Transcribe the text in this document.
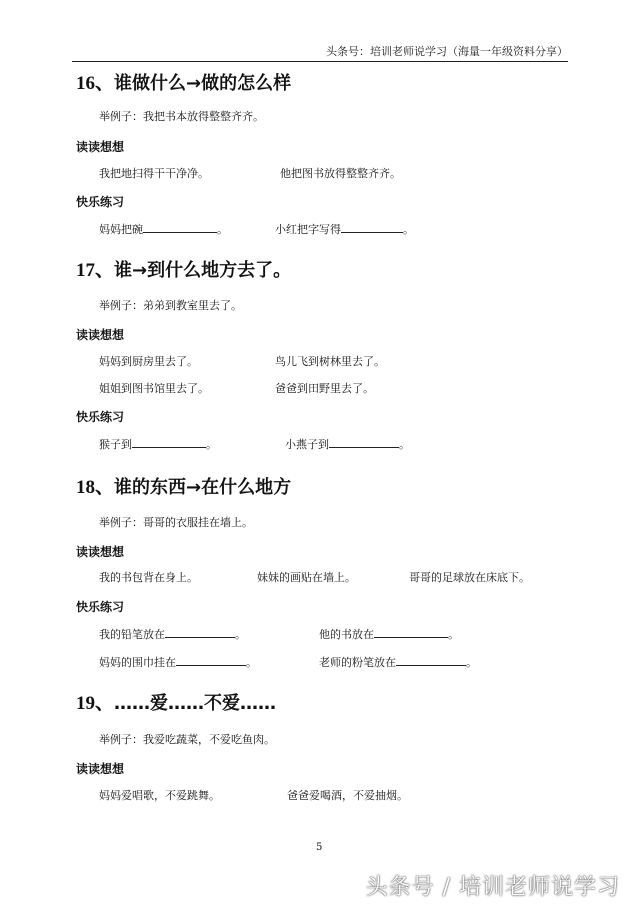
头条号：培训老师说学习（海量一年级资料分享）
16、谁做什么→做的怎么样
举例子：我把书本放得整整齐齐。
读读想想
我把地扫得干干净净。	他把图书放得整整齐齐。
快乐练习
妈妈把碗	。	小红把字写得	。
17、谁→到什么地方去了。
举例子：弟弟到教室里去了。
读读想想
妈妈到厨房里去了。	鸟儿飞到树林里去了。
姐姐到图书馆里去了。	爸爸到田野里去了。
快乐练习
猴子到	。	小燕子到	。
18、谁的东西→在什么地方
举例子：哥哥的衣服挂在墙上。
读读想想
我的书包背在身上。	妹妹的画贴在墙上。	哥哥的足球放在床底下。
快乐练习
我的铅笔放在	。	他的书放在	。
妈妈的围巾挂在	。	老师的粉笔放在	。
19、……爱……不爱……
举例子：我爱吃蔬菜，不爱吃鱼肉。
读读想想
妈妈爱唱歌，不爱跳舞。	爸爸爱喝酒，不爱抽烟。
5
头条号 / 培训老师说学习
